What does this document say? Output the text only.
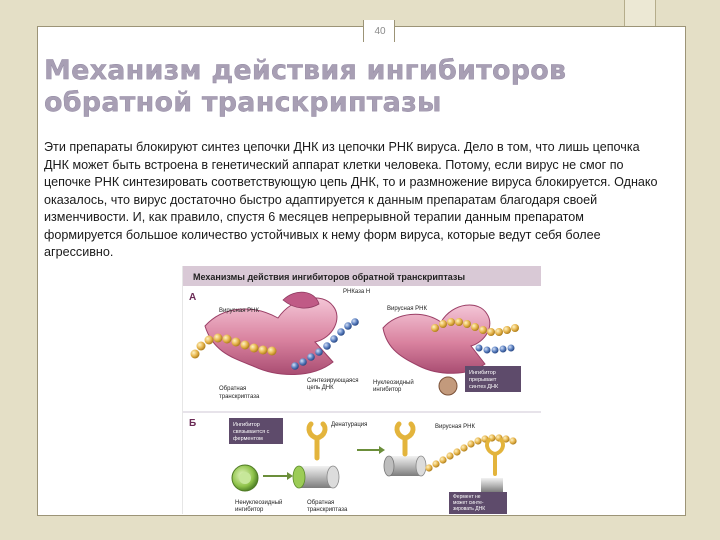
40
Механизм действия ингибиторов обратной транскриптазы
Эти препараты блокируют синтез цепочки ДНК из цепочки РНК вируса. Дело в том, что лишь цепочка ДНК может быть встроена в генетический аппарат клетки человека. Потому, если вирус не смог по цепочке РНК синтезировать соответствующую цепь ДНК, то и размножение вируса блокируется. Однако оказалось, что вирус достаточно быстро адаптируется к данным препаратам благодаря своей изменчивости. И, как правило, спустя 6 месяцев непрерывной терапии данным препаратом формируется большое количество устойчивых к нему форм вируса, которые ведут себя более агрессивно.
Механизмы действия ингибиторов обратной транскриптазы
А	РНКаза Н
Вирусная РНК
Обратная
транскриптаза
Синтезирующаяся
цепь ДНК
Вирусная РНК
Нуклеозидный
ингибитор
Ингибитор
прерывает
синтез ДНК
Б	Ингибитор
связывается с
ферментом
Денатурация
Ненуклеозидный
ингибитор
Обратная
транскриптаза
Вирусная РНК
Фермент не
может синте-
зировать ДНК
